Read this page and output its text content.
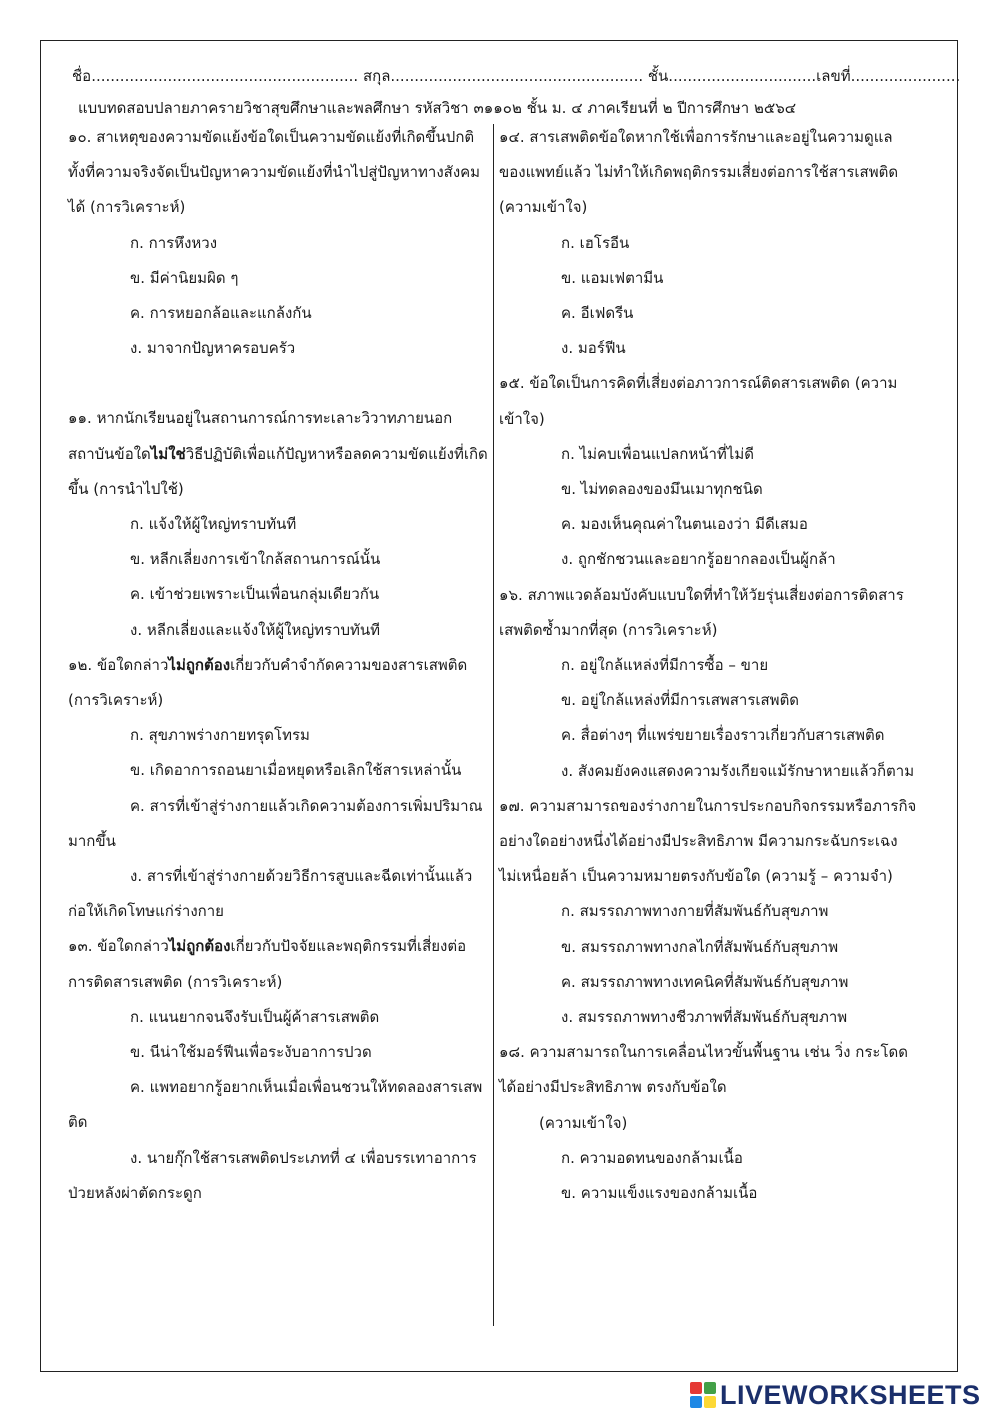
ชื่อ........................................................ สกุล..................................................... ชั้น...............................เลขที่.......................
แบบทดสอบปลายภาครายวิชาสุขศึกษาและพลศึกษา รหัสวิชา ๓๑๑๐๒ ชั้น ม. ๔ ภาคเรียนที่ ๒ ปีการศึกษา ๒๕๖๔
๑๐. สาเหตุของความขัดแย้งข้อใดเป็นความขัดแย้งที่เกิดขึ้นปกติ ทั้งที่ความจริงจัดเป็นปัญหาความขัดแย้งที่นำไปสู่ปัญหาทางสังคมได้ (การวิเคราะห์)
ก. การหึงหวง
ข. มีค่านิยมผิด ๆ
ค. การหยอกล้อและแกล้งกัน
ง. มาจากปัญหาครอบครัว
๑๑. หากนักเรียนอยู่ในสถานการณ์การทะเลาะวิวาทภายนอกสถาบันข้อใดไม่ใช่วิธีปฏิบัติเพื่อแก้ปัญหาหรือลดความขัดแย้งที่เกิดขึ้น (การนำไปใช้)
ก. แจ้งให้ผู้ใหญ่ทราบทันที
ข. หลีกเลี่ยงการเข้าใกล้สถานการณ์นั้น
ค. เข้าช่วยเพราะเป็นเพื่อนกลุ่มเดียวกัน
ง. หลีกเลี่ยงและแจ้งให้ผู้ใหญ่ทราบทันที
๑๒. ข้อใดกล่าวไม่ถูกต้องเกี่ยวกับคำจำกัดความของสารเสพติด (การวิเคราะห์)
ก. สุขภาพร่างกายทรุดโทรม
ข. เกิดอาการถอนยาเมื่อหยุดหรือเลิกใช้สารเหล่านั้น
ค. สารที่เข้าสู่ร่างกายแล้วเกิดความต้องการเพิ่มปริมาณมากขึ้น
ง. สารที่เข้าสู่ร่างกายด้วยวิธีการสูบและฉีดเท่านั้นแล้วก่อให้เกิดโทษแก่ร่างกาย
๑๓. ข้อใดกล่าวไม่ถูกต้องเกี่ยวกับปัจจัยและพฤติกรรมที่เสี่ยงต่อการติดสารเสพติด (การวิเคราะห์)
ก. แนนยากจนจึงรับเป็นผู้ค้าสารเสพติด
ข. นีน่าใช้มอร์ฟีนเพื่อระงับอาการปวด
ค. แพทอยากรู้อยากเห็นเมื่อเพื่อนชวนให้ทดลองสารเสพติด
ง. นายกุ๊กใช้สารเสพติดประเภทที่ ๔ เพื่อบรรเทาอาการป่วยหลังผ่าตัดกระดูก
๑๔. สารเสพติดข้อใดหากใช้เพื่อการรักษาและอยู่ในความดูแลของแพทย์แล้ว ไม่ทำให้เกิดพฤติกรรมเสี่ยงต่อการใช้สารเสพติด (ความเข้าใจ)
ก. เฮโรอีน
ข. แอมเฟตามีน
ค. อีเฟดรีน
ง. มอร์ฟีน
๑๕. ข้อใดเป็นการคิดที่เสี่ยงต่อภาวการณ์ติดสารเสพติด (ความเข้าใจ)
ก. ไม่คบเพื่อนแปลกหน้าที่ไม่ดี
ข. ไม่ทดลองของมึนเมาทุกชนิด
ค. มองเห็นคุณค่าในตนเองว่า มีดีเสมอ
ง. ถูกชักชวนและอยากรู้อยากลองเป็นผู้กล้า
๑๖. สภาพแวดล้อมบังคับแบบใดที่ทำให้วัยรุ่นเสี่ยงต่อการติดสารเสพติดซ้ำมากที่สุด (การวิเคราะห์)
ก. อยู่ใกล้แหล่งที่มีการซื้อ – ขาย
ข. อยู่ใกล้แหล่งที่มีการเสพสารเสพติด
ค. สื่อต่างๆ ที่แพร่ขยายเรื่องราวเกี่ยวกับสารเสพติด
ง. สังคมยังคงแสดงความรังเกียจแม้รักษาหายแล้วก็ตาม
๑๗. ความสามารถของร่างกายในการประกอบกิจกรรมหรือภารกิจอย่างใดอย่างหนึ่งได้อย่างมีประสิทธิภาพ มีความกระฉับกระเฉง ไม่เหนื่อยล้า เป็นความหมายตรงกับข้อใด (ความรู้ – ความจำ)
ก. สมรรถภาพทางกายที่สัมพันธ์กับสุขภาพ
ข. สมรรถภาพทางกลไกที่สัมพันธ์กับสุขภาพ
ค. สมรรถภาพทางเทคนิคที่สัมพันธ์กับสุขภาพ
ง. สมรรถภาพทางชีวภาพที่สัมพันธ์กับสุขภาพ
๑๘. ความสามารถในการเคลื่อนไหวขั้นพื้นฐาน เช่น วิ่ง กระโดด ได้อย่างมีประสิทธิภาพ ตรงกับข้อใด
(ความเข้าใจ)
ก. ความอดทนของกล้ามเนื้อ
ข. ความแข็งแรงของกล้ามเนื้อ
LIVEWORKSHEETS
